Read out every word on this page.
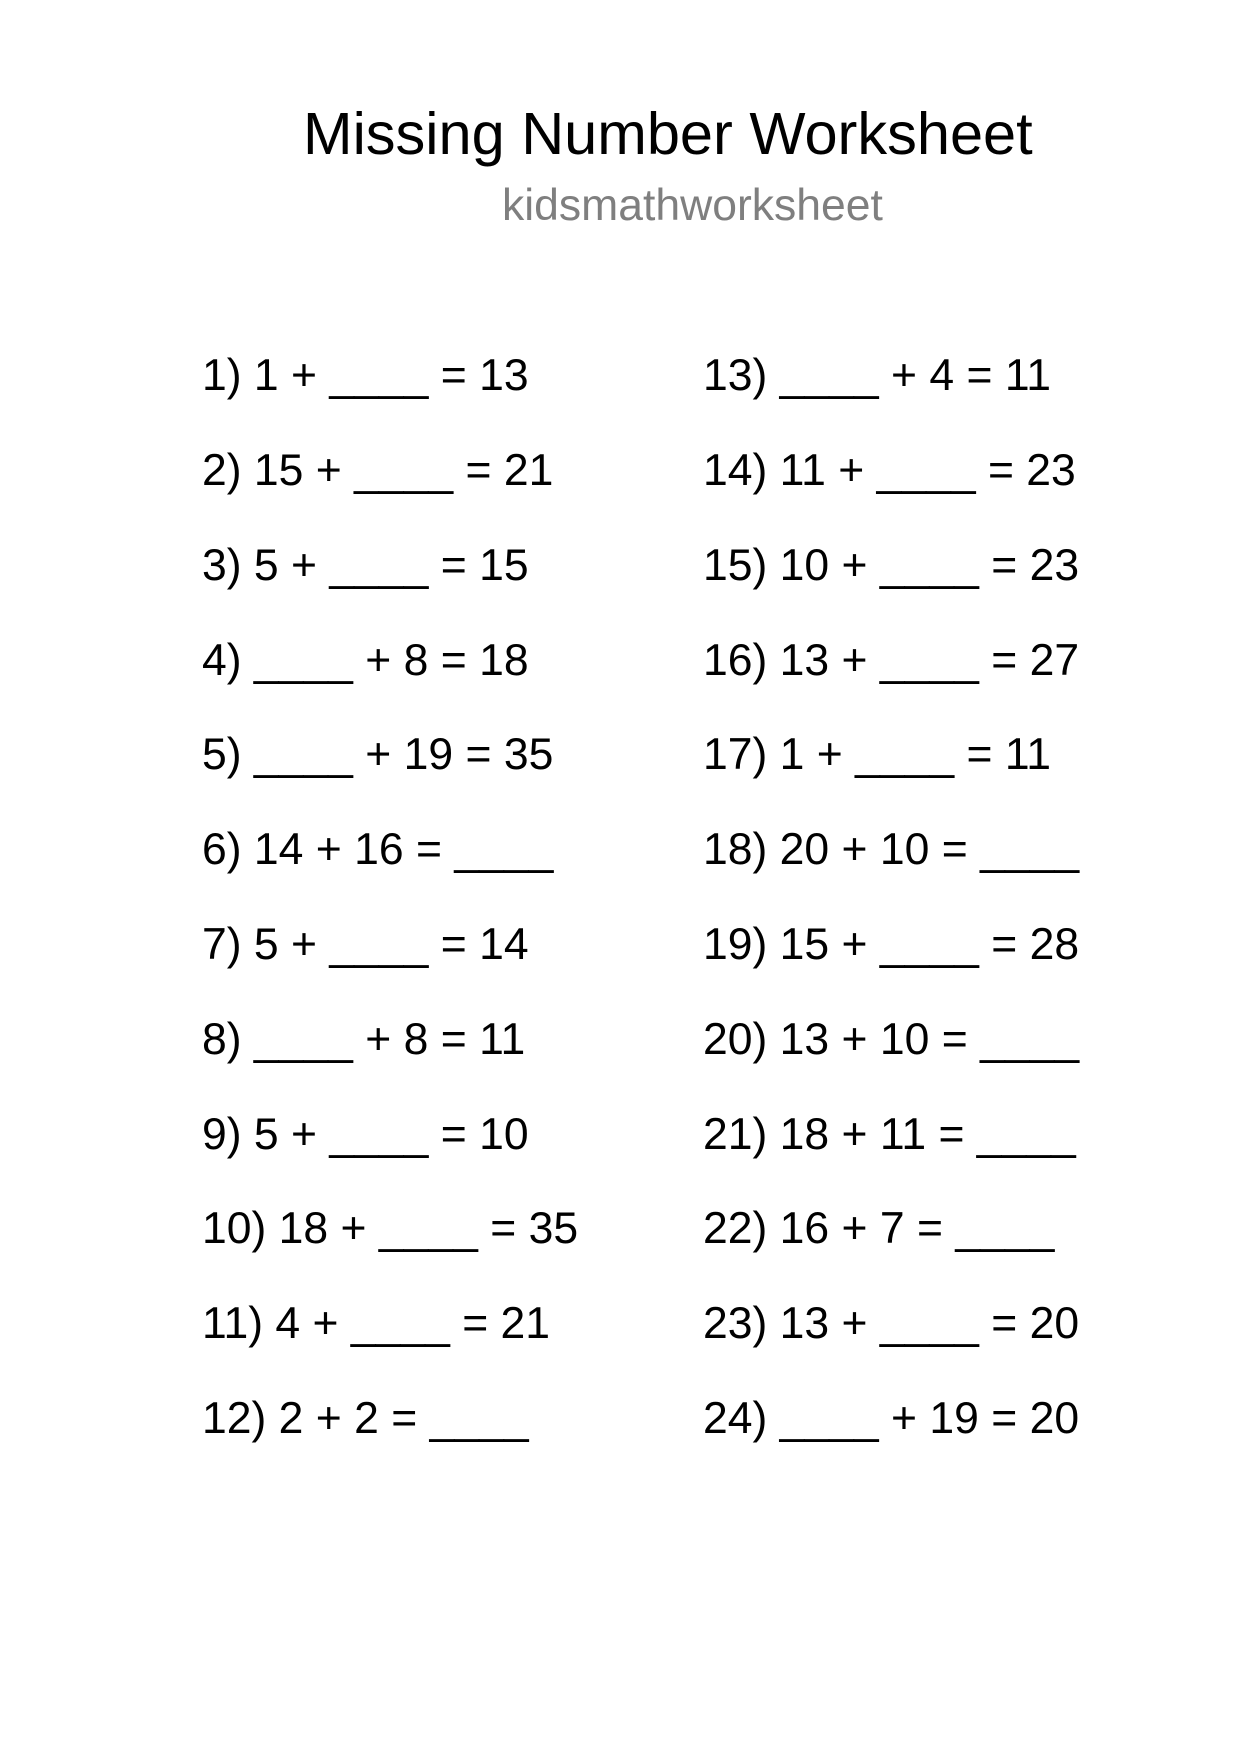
Missing Number Worksheet
kidsmathworksheet
1) 1 + ____ = 13
2) 15 + ____ = 21
3) 5 + ____ = 15
4) ____ + 8 = 18
5) ____ + 19 = 35
6) 14 + 16 = ____
7) 5 + ____ = 14
8) ____ + 8 = 11
9) 5 + ____ = 10
10) 18 + ____ = 35
11) 4 + ____ = 21
12) 2 + 2 = ____
13) ____ + 4 = 11
14) 11 + ____ = 23
15) 10 + ____ = 23
16) 13 + ____ = 27
17) 1 + ____ = 11
18) 20 + 10 = ____
19) 15 + ____ = 28
20) 13 + 10 = ____
21) 18 + 11 = ____
22) 16 + 7 = ____
23) 13 + ____ = 20
24) ____ + 19 = 20
